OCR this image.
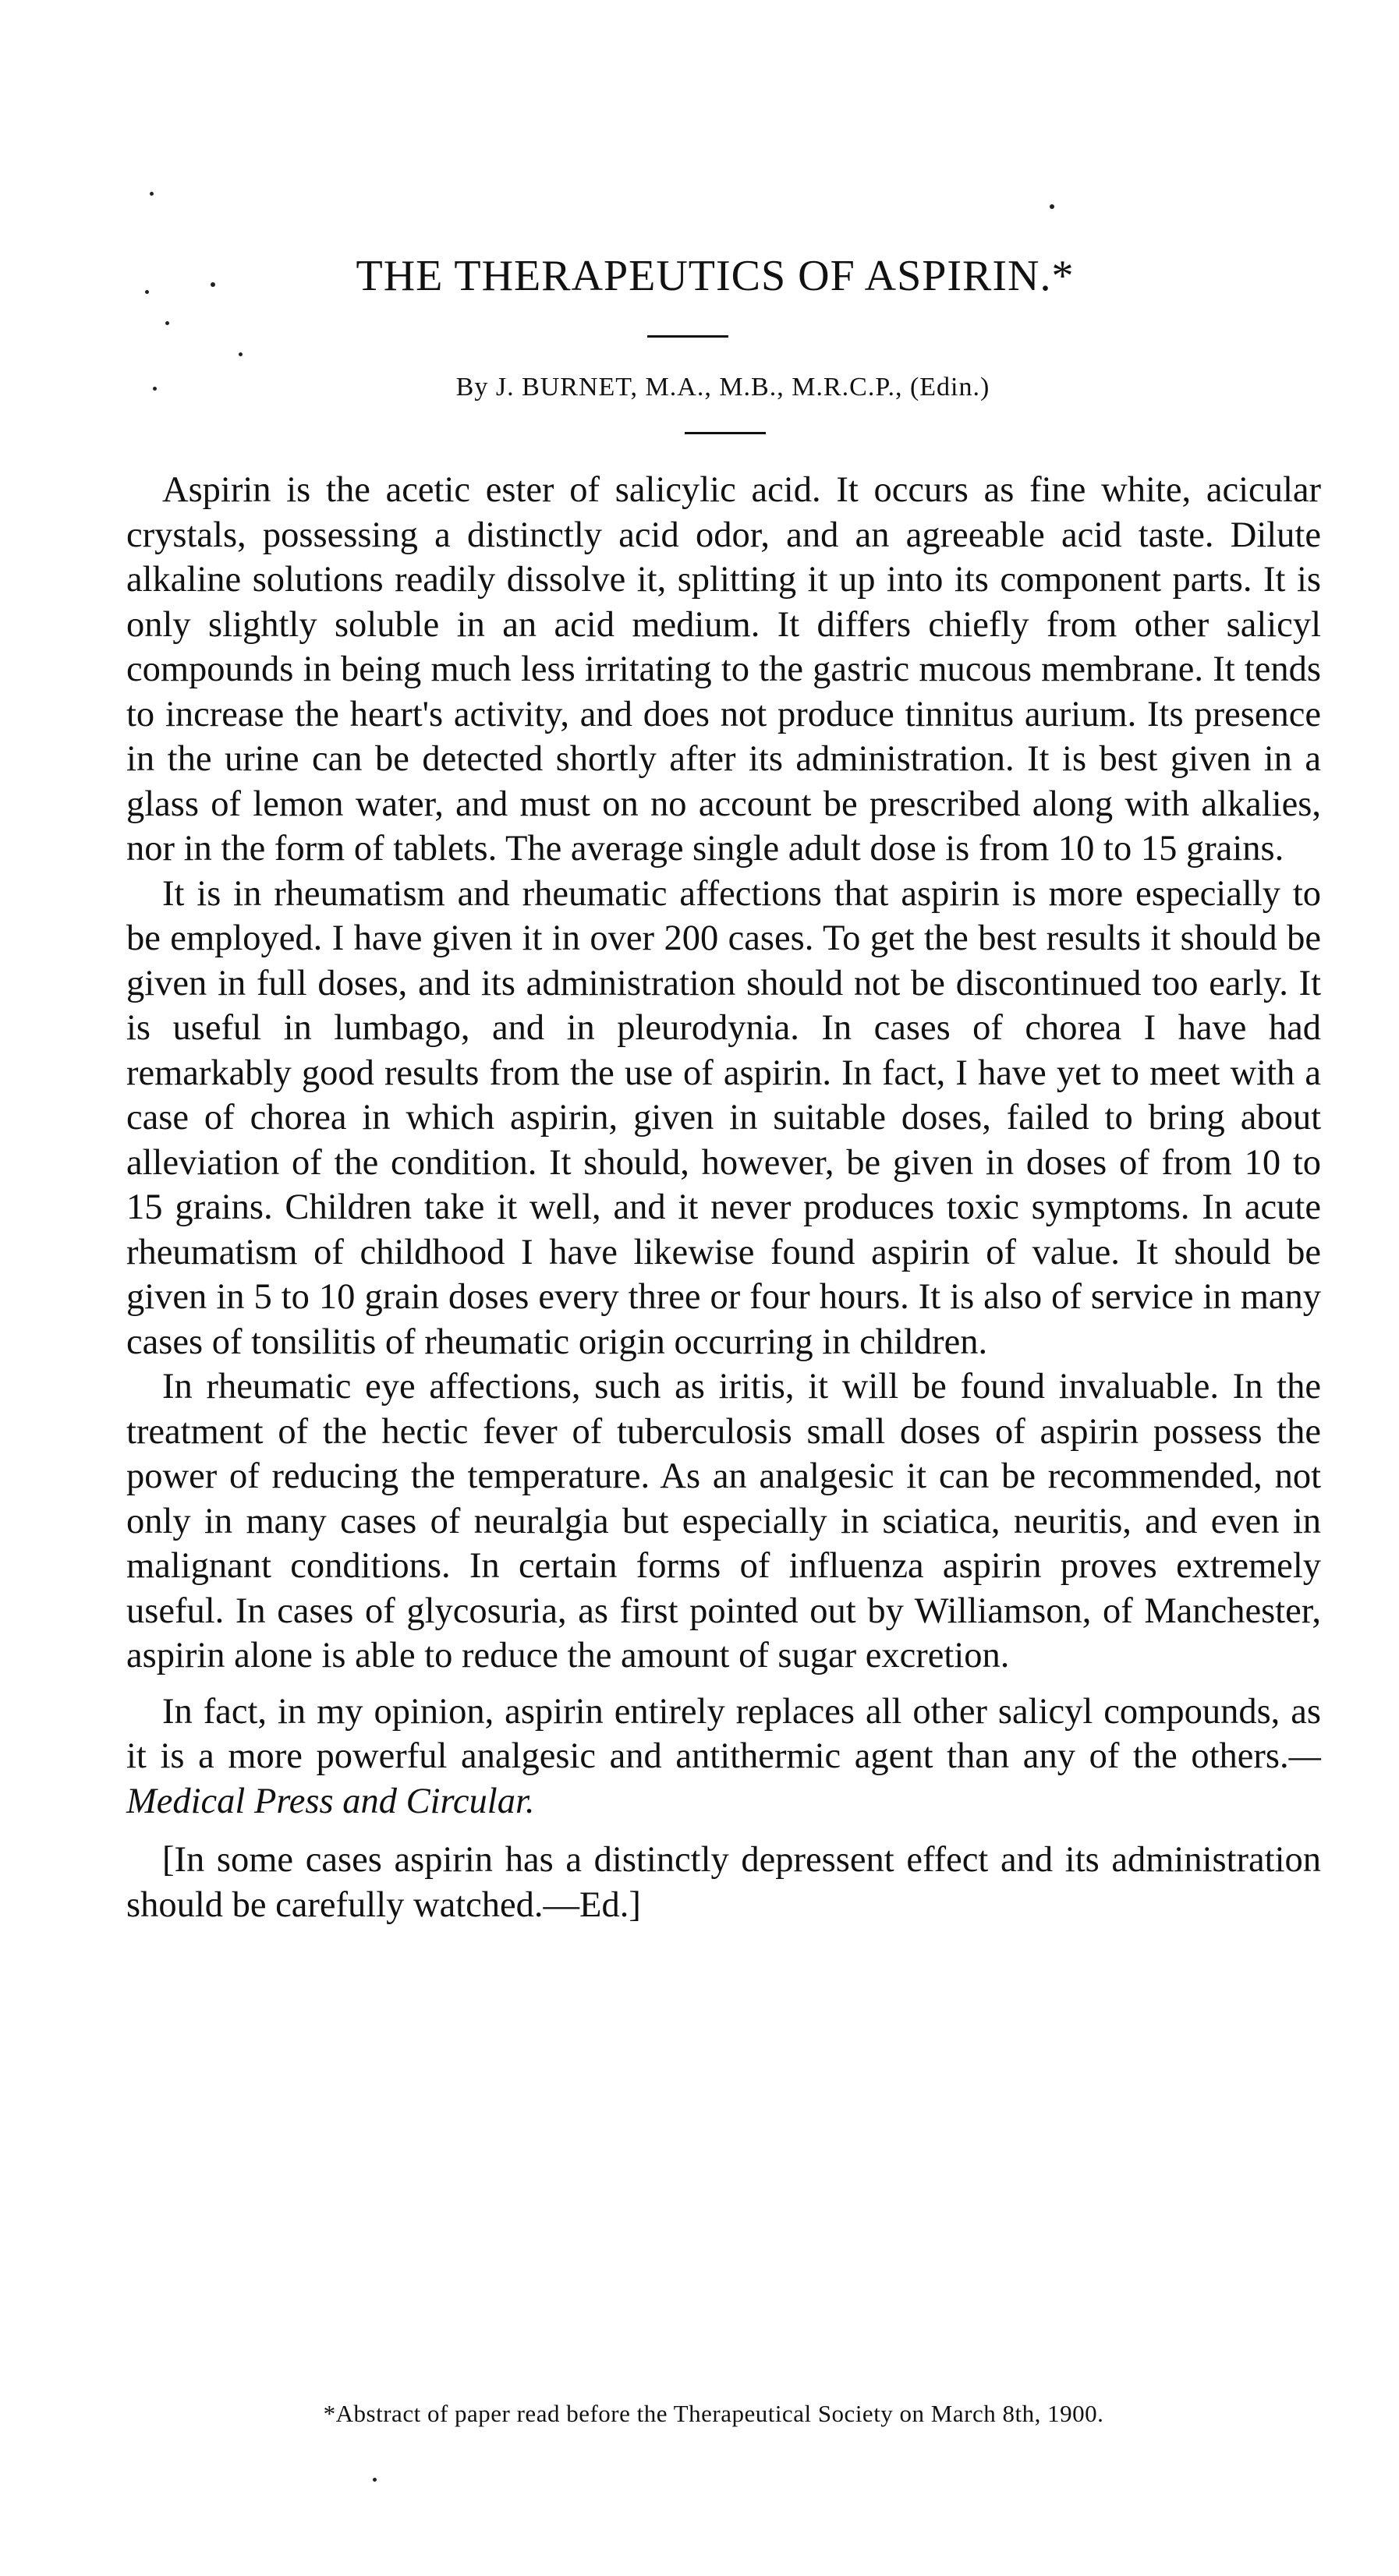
THE THERAPEUTICS OF ASPIRIN.*

By J. BURNET, M.A., M.B., M.R.C.P., (Edin.)

Aspirin is the acetic ester of salicylic acid. It occurs as fine white, acicular crystals, possessing a distinctly acid odor, and an agreeable acid taste. Dilute alkaline solutions readily dissolve it, splitting it up into its component parts. It is only slightly soluble in an acid medium. It differs chiefly from other salicyl compounds in being much less irritating to the gastric mucous membrane. It tends to increase the heart's activity, and does not produce tinnitus aurium. Its presence in the urine can be detected shortly after its administration. It is best given in a glass of lemon water, and must on no account be prescribed along with alkalies, nor in the form of tablets. The average single adult dose is from 10 to 15 grains.

It is in rheumatism and rheumatic affections that aspirin is more especially to be employed. I have given it in over 200 cases. To get the best results it should be given in full doses, and its administration should not be discontinued too early. It is useful in lumbago, and in pleurodynia. In cases of chorea I have had remarkably good results from the use of aspirin. In fact, I have yet to meet with a case of chorea in which aspirin, given in suitable doses, failed to bring about alleviation of the condition. It should, however, be given in doses of from 10 to 15 grains. Children take it well, and it never produces toxic symptoms. In acute rheumatism of childhood I have likewise found aspirin of value. It should be given in 5 to 10 grain doses every three or four hours. It is also of service in many cases of tonsilitis of rheumatic origin occurring in children.

In rheumatic eye affections, such as iritis, it will be found invaluable. In the treatment of the hectic fever of tuberculosis small doses of aspirin possess the power of reducing the temperature. As an analgesic it can be recommended, not only in many cases of neuralgia but especially in sciatica, neuritis, and even in malignant conditions. In certain forms of influenza aspirin proves extremely useful. In cases of glycosuria, as first pointed out by Williamson, of Manchester, aspirin alone is able to reduce the amount of sugar excretion.

In fact, in my opinion, aspirin entirely replaces all other salicyl compounds, as it is a more powerful analgesic and antithermic agent than any of the others.—Medical Press and Circular.

[In some cases aspirin has a distinctly depressent effect and its administration should be carefully watched.—Ed.]

*Abstract of paper read before the Therapeutical Society on March 8th, 1900.
